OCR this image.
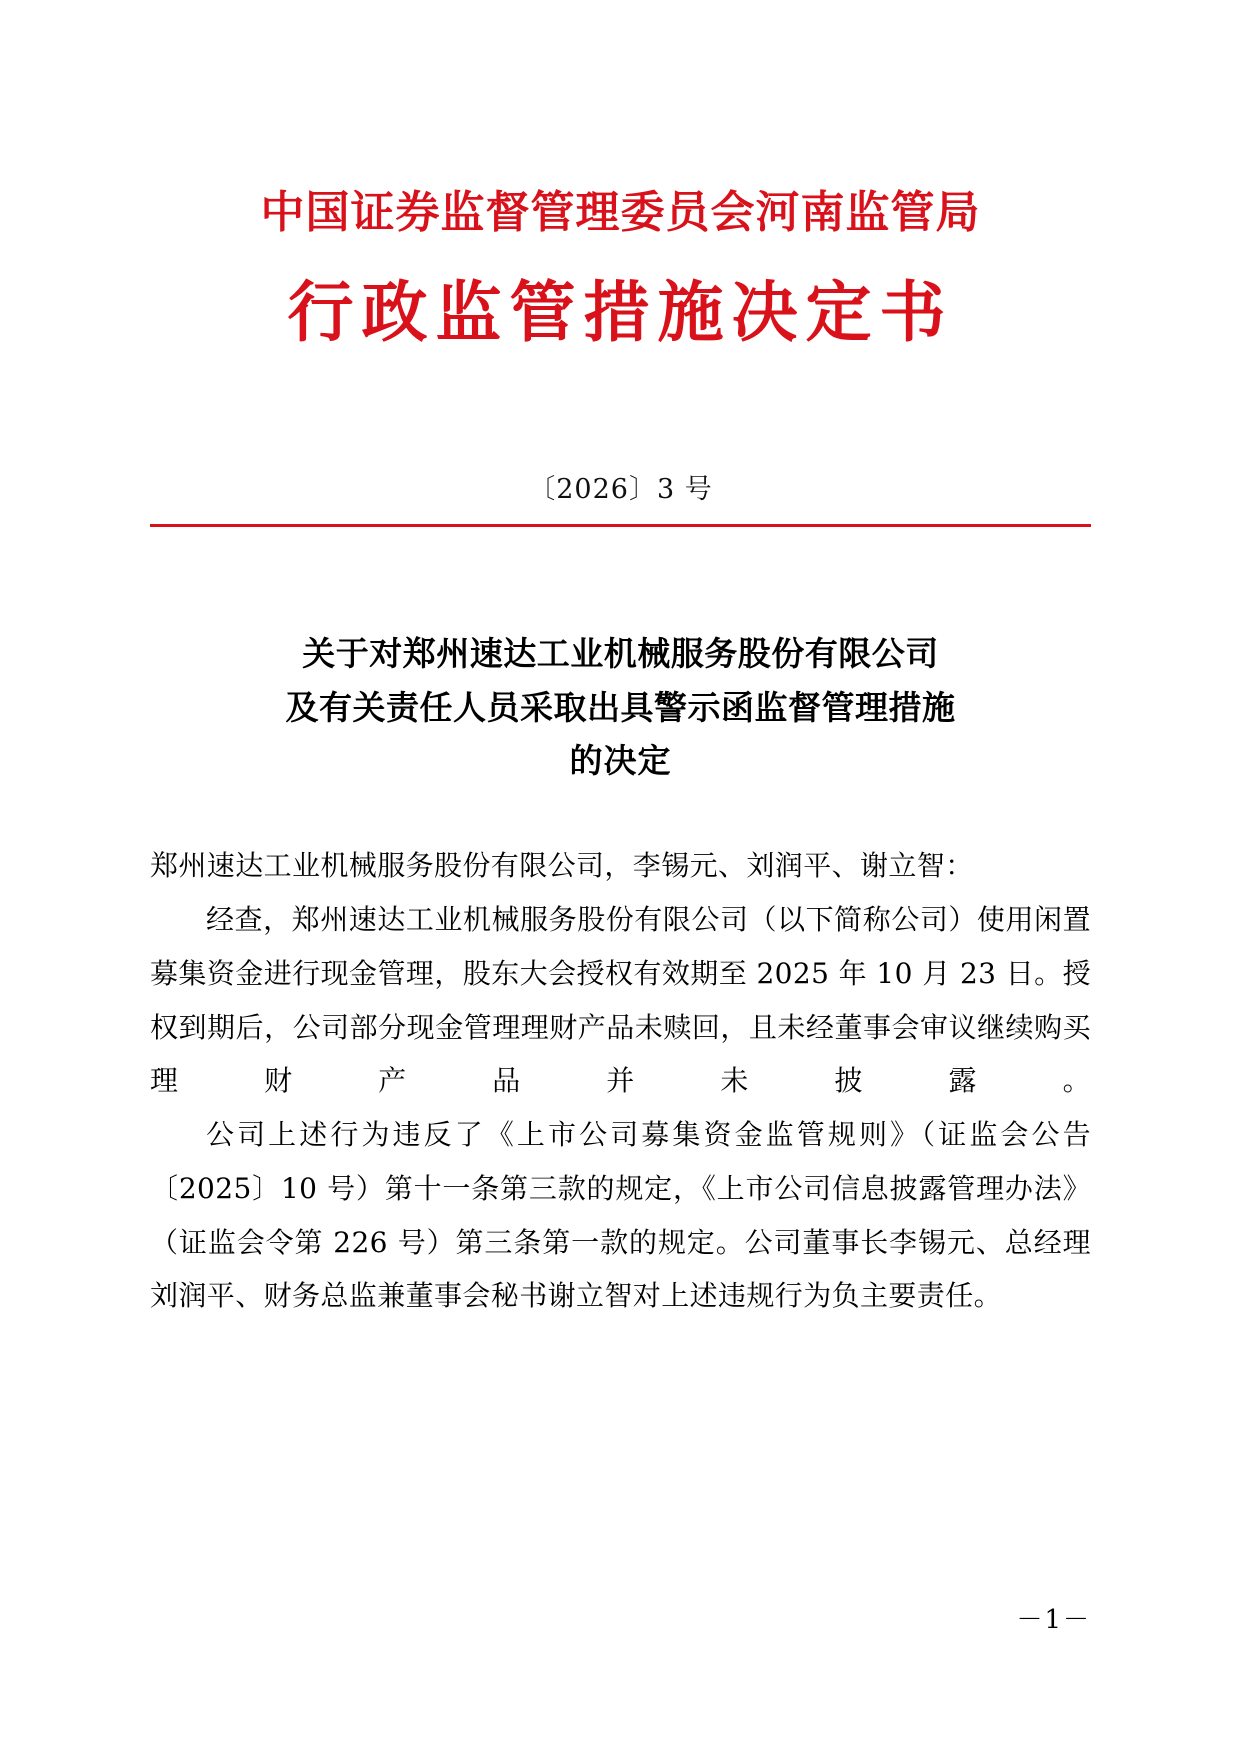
中国证券监督管理委员会河南监管局
行政监管措施决定书
〔2026〕3 号
关于对郑州速达工业机械服务股份有限公司
及有关责任人员采取出具警示函监督管理措施
的决定

郑州速达工业机械服务股份有限公司，李锡元、刘润平、谢立智：

经查，郑州速达工业机械服务股份有限公司（以下简称公司）使用闲置募集资金进行现金管理，股东大会授权有效期至 2025 年 10 月 23 日。授权到期后，公司部分现金管理理财产品未赎回，且未经董事会审议继续购买理财产品并未披露。

公司上述行为违反了《上市公司募集资金监管规则》（证监会公告〔2025〕10 号）第十一条第三款的规定，《上市公司信息披露管理办法》（证监会令第 226 号）第三条第一款的规定。公司董事长李锡元、总经理刘润平、财务总监兼董事会秘书谢立智对上述违规行为负主要责任。

－1－
